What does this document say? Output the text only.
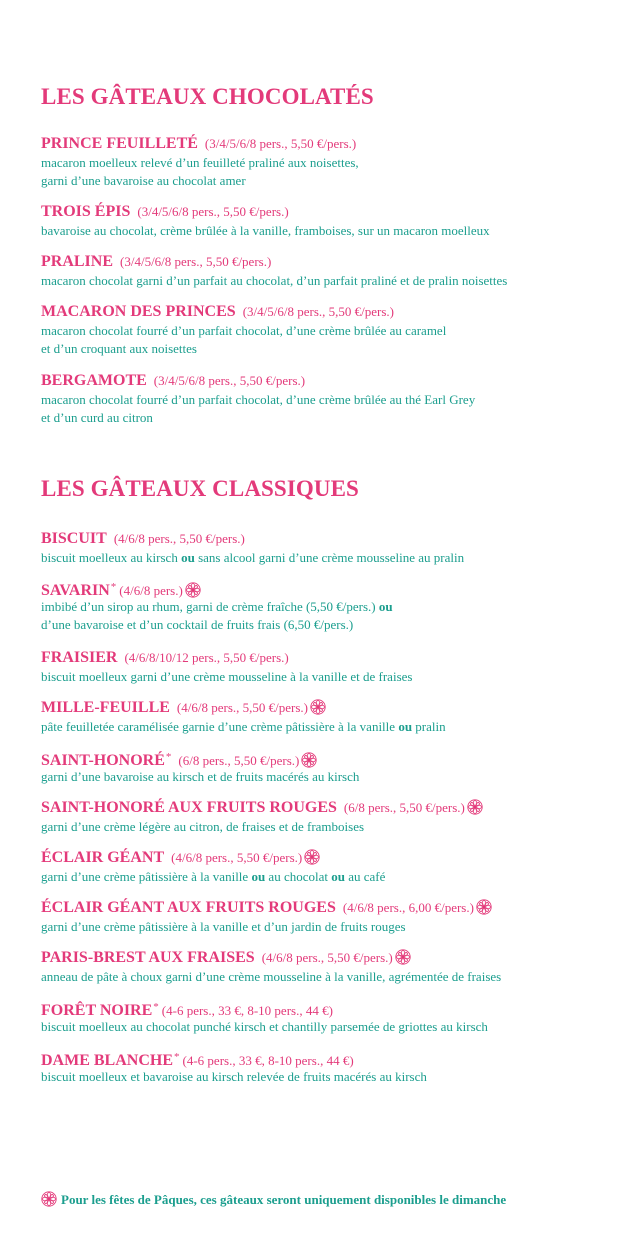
LES GÂTEAUX CHOCOLATÉS
PRINCE FEUILLETÉ (3/4/5/6/8 pers., 5,50 €/pers.)
macaron moelleux relevé d’un feuilleté praliné aux noisettes,
garni d’une bavaroise au chocolat amer
TROIS ÉPIS (3/4/5/6/8 pers., 5,50 €/pers.)
bavaroise au chocolat, crème brûlée à la vanille, framboises, sur un macaron moelleux
PRALINE (3/4/5/6/8 pers., 5,50 €/pers.)
macaron chocolat garni d’un parfait au chocolat, d’un parfait praliné et de pralin noisettes
MACARON DES PRINCES (3/4/5/6/8 pers., 5,50 €/pers.)
macaron chocolat fourré d’un parfait chocolat, d’une crème brûlée au caramel
et d’un croquant aux noisettes
BERGAMOTE (3/4/5/6/8 pers., 5,50 €/pers.)
macaron chocolat fourré d’un parfait chocolat, d’une crème brûlée au thé Earl Grey
et d’un curd au citron
LES GÂTEAUX CLASSIQUES
BISCUIT (4/6/8 pers., 5,50 €/pers.)
biscuit moelleux au kirsch ou sans alcool garni d’une crème mousseline au pralin
SAVARIN* (4/6/8 pers.)
imbibé d’un sirop au rhum, garni de crème fraîche (5,50 €/pers.) ou
d’une bavaroise et d’un cocktail de fruits frais (6,50 €/pers.)
FRAISIER (4/6/8/10/12 pers., 5,50 €/pers.)
biscuit moelleux garni d’une crème mousseline à la vanille et de fraises
MILLE-FEUILLE (4/6/8 pers., 5,50 €/pers.)
pâte feuilletée caramélisée garnie d’une crème pâtissière à la vanille ou pralin
SAINT-HONORÉ* (6/8 pers., 5,50 €/pers.)
garni d’une bavaroise au kirsch et de fruits macérés au kirsch
SAINT-HONORÉ AUX FRUITS ROUGES (6/8 pers., 5,50 €/pers.)
garni d’une crème légère au citron, de fraises et de framboises
ÉCLAIR GÉANT (4/6/8 pers., 5,50 €/pers.)
garni d’une crème pâtissière à la vanille ou au chocolat ou au café
ÉCLAIR GÉANT AUX FRUITS ROUGES (4/6/8 pers., 6,00 €/pers.)
garni d’une crème pâtissière à la vanille et d’un jardin de fruits rouges
PARIS-BREST AUX FRAISES (4/6/8 pers., 5,50 €/pers.)
anneau de pâte à choux garni d’une crème mousseline à la vanille, agrémentée de fraises
FORÊT NOIRE* (4-6 pers., 33 €, 8-10 pers., 44 €)
biscuit moelleux au chocolat punché kirsch et chantilly parsemée de griottes au kirsch
DAME BLANCHE* (4-6 pers., 33 €, 8-10 pers., 44 €)
biscuit moelleux et bavaroise au kirsch relevée de fruits macérés au kirsch
Pour les fêtes de Pâques, ces gâteaux seront uniquement disponibles le dimanche
